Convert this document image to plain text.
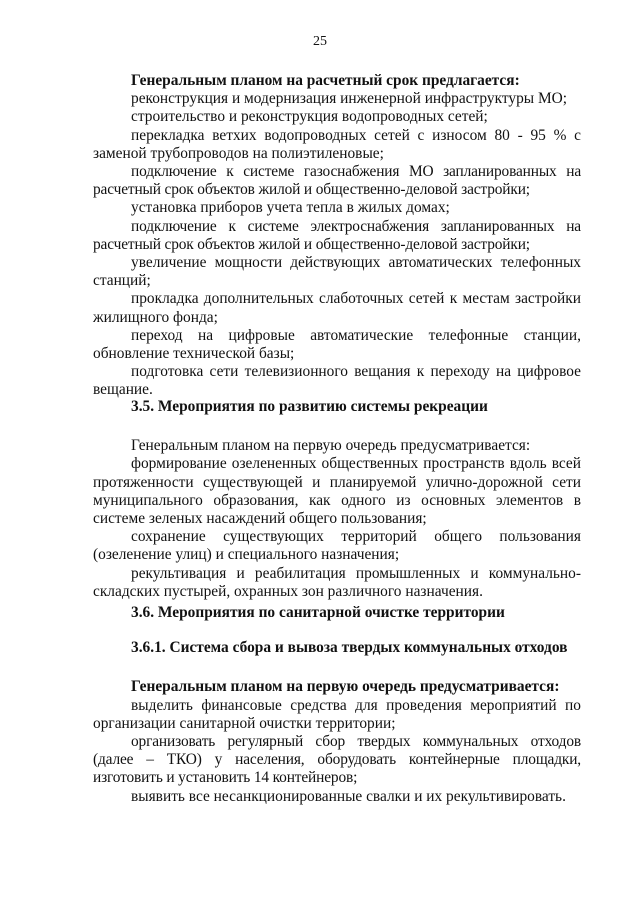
25

Генеральным планом на расчетный срок предлагается:

реконструкция и модернизация инженерной инфраструктуры МО;

строительство и реконструкция водопроводных сетей;

перекладка ветхих водопроводных сетей с износом 80 - 95 % с заменой трубопроводов на полиэтиленовые;

подключение к системе газоснабжения МО запланированных на расчетный срок объектов жилой и общественно-деловой застройки;

установка приборов учета тепла в жилых домах;

подключение к системе электроснабжения запланированных на расчетный срок объектов жилой и общественно-деловой застройки;

увеличение мощности действующих автоматических телефонных станций;

прокладка дополнительных слаботочных сетей к местам застройки жилищного фонда;

переход на цифровые автоматические телефонные станции, обновление технической базы;

подготовка сети телевизионного вещания к переходу на цифровое вещание.

3.5. Мероприятия по развитию системы рекреации

Генеральным планом на первую очередь предусматривается:

формирование озелененных общественных пространств вдоль всей протяженности существующей и планируемой улично-дорожной сети муниципального образования, как одного из основных элементов в системе зеленых насаждений общего пользования;

сохранение существующих территорий общего пользования (озеленение улиц) и специального назначения;

рекультивация и реабилитация промышленных и коммунально-складских пустырей, охранных зон различного назначения.

3.6. Мероприятия по санитарной очистке территории

3.6.1. Система сбора и вывоза твердых коммунальных отходов

Генеральным планом на первую очередь предусматривается:

выделить финансовые средства для проведения мероприятий по организации санитарной очистки территории;

организовать регулярный сбор твердых коммунальных отходов (далее – ТКО) у населения, оборудовать контейнерные площадки, изготовить и установить 14 контейнеров;

выявить все несанкционированные свалки и их рекультивировать.
